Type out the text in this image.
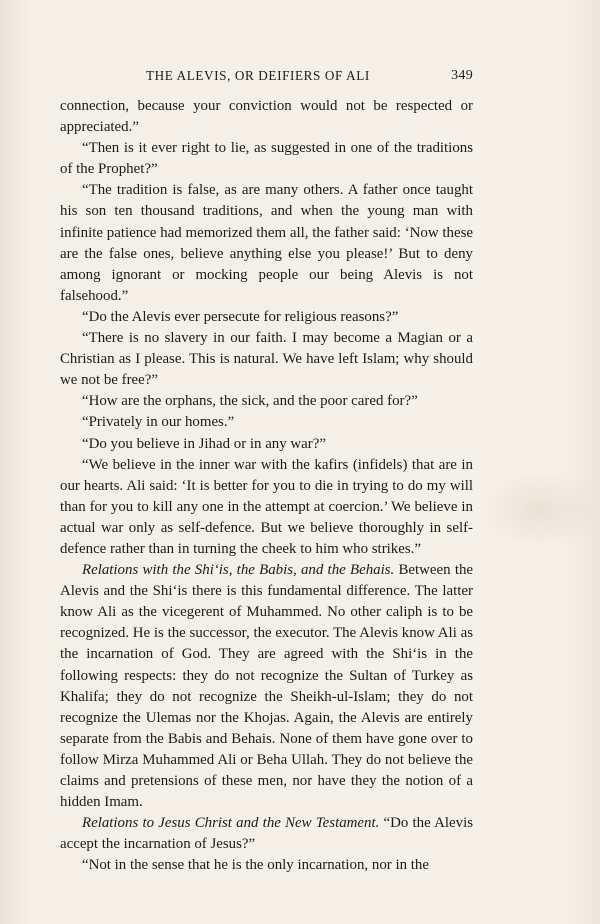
THE ALEVIS, OR DEIFIERS OF ALI	349

connection, because your conviction would not be respected or appreciated.”

“Then is it ever right to lie, as suggested in one of the traditions of the Prophet?”

“The tradition is false, as are many others. A father once taught his son ten thousand traditions, and when the young man with infinite patience had memorized them all, the father said: ‘Now these are the false ones, believe anything else you please!’ But to deny among ignorant or mocking people our being Alevis is not falsehood.”

“Do the Alevis ever persecute for religious reasons?”

“There is no slavery in our faith. I may become a Magian or a Christian as I please. This is natural. We have left Islam; why should we not be free?”

“How are the orphans, the sick, and the poor cared for?”

“Privately in our homes.”

“Do you believe in Jihad or in any war?”

“We believe in the inner war with the kafirs (infidels) that are in our hearts. Ali said: ‘It is better for you to die in trying to do my will than for you to kill any one in the attempt at coercion.’ We believe in actual war only as self-defence. But we believe thoroughly in self-defence rather than in turning the cheek to him who strikes.”

Relations with the Shi‘is, the Babis, and the Behais. Between the Alevis and the Shi‘is there is this fundamental difference. The latter know Ali as the vicegerent of Muhammed. No other caliph is to be recognized. He is the successor, the executor. The Alevis know Ali as the incarnation of God. They are agreed with the Shi‘is in the following respects: they do not recognize the Sultan of Turkey as Khalifa; they do not recognize the Sheikh-ul-Islam; they do not recognize the Ulemas nor the Khojas. Again, the Alevis are entirely separate from the Babis and Behais. None of them have gone over to follow Mirza Muhammed Ali or Beha Ullah. They do not believe the claims and pretensions of these men, nor have they the notion of a hidden Imam.

Relations to Jesus Christ and the New Testament. “Do the Alevis accept the incarnation of Jesus?”

“Not in the sense that he is the only incarnation, nor in the
